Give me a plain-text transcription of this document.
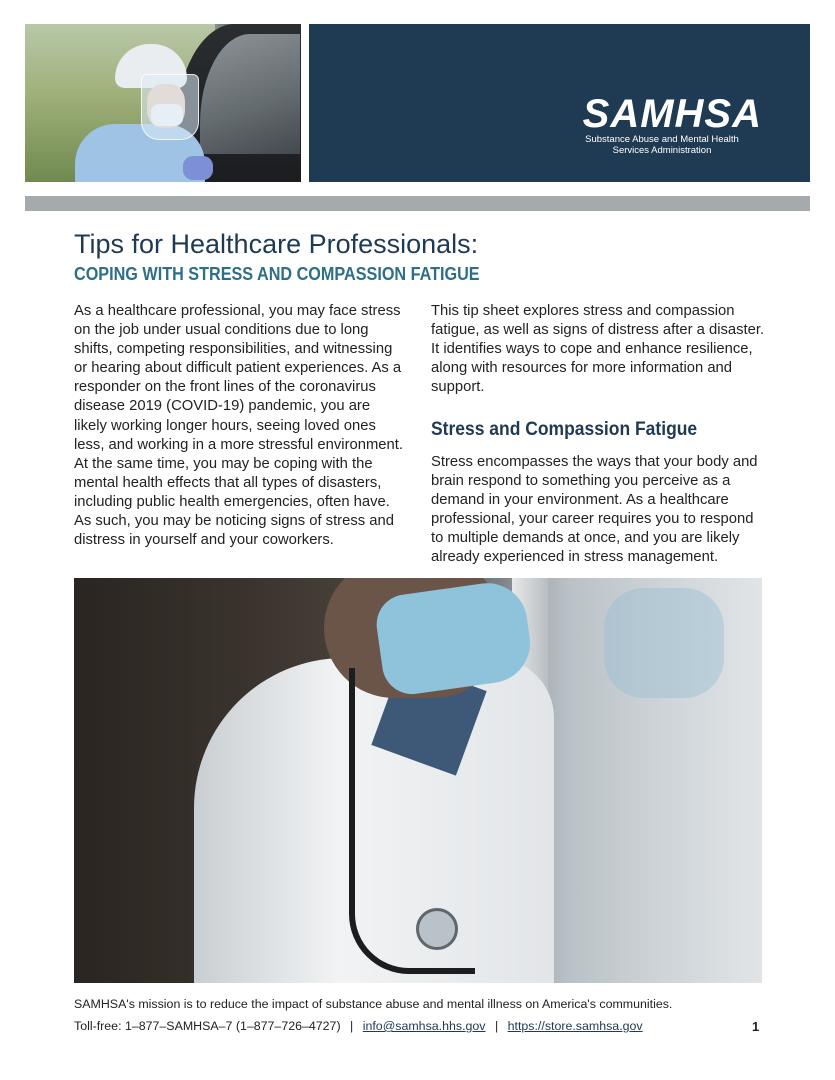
SAMHSA
Substance Abuse and Mental Health
Services Administration
Tips for Healthcare Professionals:
COPING WITH STRESS AND COMPASSION FATIGUE

As a healthcare professional, you may face stress on the job under usual conditions due to long shifts, competing responsibilities, and witnessing or hearing about difficult patient experiences. As a responder on the front lines of the coronavirus disease 2019 (COVID-19) pandemic, you are likely working longer hours, seeing loved ones less, and working in a more stressful environment. At the same time, you may be coping with the mental health effects that all types of disasters, including public health emergencies, often have. As such, you may be noticing signs of stress and distress in yourself and your coworkers.

This tip sheet explores stress and compassion fatigue, as well as signs of distress after a disaster. It identifies ways to cope and enhance resilience, along with resources for more information and support.

Stress and Compassion Fatigue

Stress encompasses the ways that your body and brain respond to something you perceive as a demand in your environment. As a healthcare professional, your career requires you to respond to multiple demands at once, and you are likely already experienced in stress management.

SAMHSA's mission is to reduce the impact of substance abuse and mental illness on America's communities.
Toll-free: 1–877–SAMHSA–7 (1–877–726–4727) | info@samhsa.hhs.gov | https://store.samhsa.gov	1
